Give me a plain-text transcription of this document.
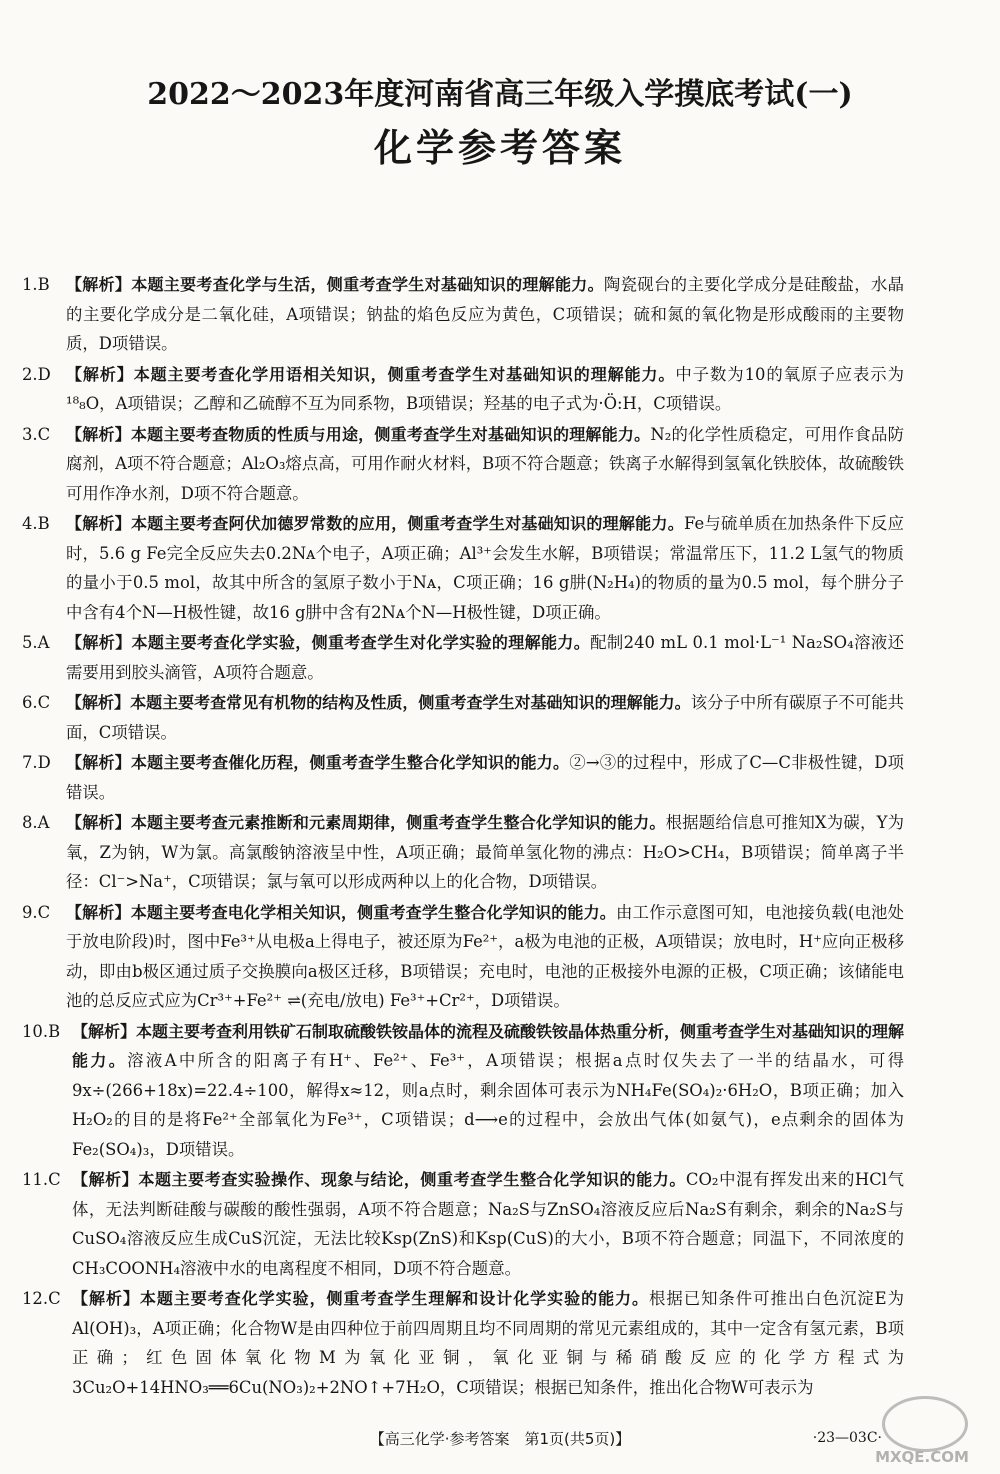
2022～2023年度河南省高三年级入学摸底考试(一)
化学参考答案
1.B	【解析】本题主要考查化学与生活，侧重考查学生对基础知识的理解能力。陶瓷砚台的主要化学成分是硅酸盐，水晶的主要化学成分是二氧化硅，A项错误；钠盐的焰色反应为黄色，C项错误；硫和氮的氧化物是形成酸雨的主要物质，D项错误。
2.D 【解析】本题主要考查化学用语相关知识，侧重考查学生对基础知识的理解能力。中子数为10的氧原子应表示为¹⁸₈O，A项错误；乙醇和乙硫醇不互为同系物，B项错误；羟基的电子式为·Ö:H，C项错误。
3.C 【解析】本题主要考查物质的性质与用途，侧重考查学生对基础知识的理解能力。N₂的化学性质稳定，可用作食品防腐剂，A项不符合题意；Al₂O₃熔点高，可用作耐火材料，B项不符合题意；铁离子水解得到氢氧化铁胶体，故硫酸铁可用作净水剂，D项不符合题意。
4.B	【解析】本题主要考查阿伏加德罗常数的应用，侧重考查学生对基础知识的理解能力。Fe与硫单质在加热条件下反应时，5.6 g Fe完全反应失去0.2Nᴀ个电子，A项正确；Al³⁺会发生水解，B项错误；常温常压下，11.2 L氢气的物质的量小于0.5 mol，故其中所含的氢原子数小于Nᴀ，C项正确；16 g肼(N₂H₄)的物质的量为0.5 mol，每个肼分子中含有4个N—H极性键，故16 g肼中含有2Nᴀ个N—H极性键，D项正确。
5.A	【解析】本题主要考查化学实验，侧重考查学生对化学实验的理解能力。配制240 mL 0.1 mol·L⁻¹ Na₂SO₄溶液还需要用到胶头滴管，A项符合题意。
6.C 【解析】本题主要考查常见有机物的结构及性质，侧重考查学生对基础知识的理解能力。该分子中所有碳原子不可能共面，C项错误。
7.D 【解析】本题主要考查催化历程，侧重考查学生整合化学知识的能力。②→③的过程中，形成了C—C非极性键，D项错误。
8.A	【解析】本题主要考查元素推断和元素周期律，侧重考查学生整合化学知识的能力。根据题给信息可推知X为碳，Y为氧，Z为钠，W为氯。高氯酸钠溶液呈中性，A项正确；最简单氢化物的沸点：H₂O>CH₄，B项错误；简单离子半径：Cl⁻>Na⁺，C项错误；氯与氧可以形成两种以上的化合物，D项错误。
9.C 【解析】本题主要考查电化学相关知识，侧重考查学生整合化学知识的能力。由工作示意图可知，电池接负载(电池处于放电阶段)时，图中Fe³⁺从电极a上得电子，被还原为Fe²⁺，a极为电池的正极，A项错误；放电时，H⁺应向正极移动，即由b极区通过质子交换膜向a极区迁移，B项错误；充电时，电池的正极接外电源的正极，C项正确；该储能电池的总反应式应为Cr³⁺+Fe²⁺ ⇌(充电/放电) Fe³⁺+Cr²⁺，D项错误。
10.B 【解析】本题主要考查利用铁矿石制取硫酸铁铵晶体的流程及硫酸铁铵晶体热重分析，侧重考查学生对基础知识的理解能力。溶液A中所含的阳离子有H⁺、Fe²⁺、Fe³⁺，A项错误；根据a点时仅失去了一半的结晶水，可得9x÷(266+18x)=22.4÷100，解得x≈12，则a点时，剩余固体可表示为NH₄Fe(SO₄)₂·6H₂O，B项正确；加入H₂O₂的目的是将Fe²⁺全部氧化为Fe³⁺，C项错误；d⟶e的过程中，会放出气体(如氨气)，e点剩余的固体为Fe₂(SO₄)₃，D项错误。
11.C 【解析】本题主要考查实验操作、现象与结论，侧重考查学生整合化学知识的能力。CO₂中混有挥发出来的HCl气体，无法判断硅酸与碳酸的酸性强弱，A项不符合题意；Na₂S与ZnSO₄溶液反应后Na₂S有剩余，剩余的Na₂S与CuSO₄溶液反应生成CuS沉淀，无法比较Ksp(ZnS)和Ksp(CuS)的大小，B项不符合题意；同温下，不同浓度的CH₃COONH₄溶液中水的电离程度不相同，D项不符合题意。
12.C 【解析】本题主要考查化学实验，侧重考查学生理解和设计化学实验的能力。根据已知条件可推出白色沉淀E为Al(OH)₃，A项正确；化合物W是由四种位于前四周期且均不同周期的常见元素组成的，其中一定含有氢元素，B项正确；红色固体氧化物M为氧化亚铜，氧化亚铜与稀硝酸反应的化学方程式为3Cu₂O+14HNO₃══6Cu(NO₃)₂+2NO↑+7H₂O，C项错误；根据已知条件，推出化合物W可表示为
【高三化学·参考答案　第1页(共5页)】	·23—03C·
MXQE.COM
